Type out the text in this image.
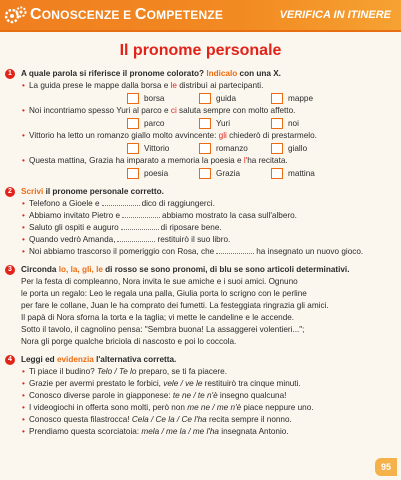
CONOSCENZE E COMPETENZE	VERIFICA IN ITINERE
Il pronome personale
1	A quale parola si riferisce il pronome colorato? Indicalo con una X.
• La guida prese le mappe dalla borsa e le distribuì ai partecipanti.
borsa	guida	mappe
• Noi incontriamo spesso Yuri al parco e ci saluta sempre con molto affetto.
parco	Yuri	noi
• Vittorio ha letto un romanzo giallo molto avvincente: gli chiederò di prestarmelo.
Vittorio	romanzo	giallo
• Questa mattina, Grazia ha imparato a memoria la poesia e l'ha recitata.
poesia	Grazia	mattina
2	Scrivi il pronome personale corretto.
• Telefono a Gioele e	dico di raggiungerci.
• Abbiamo invitato Pietro e	abbiamo mostrato la casa sull'albero.
• Saluto gli ospiti e auguro	di riposare bene.
• Quando vedrò Amanda,	restituirò il suo libro.
• Noi abbiamo trascorso il pomeriggio con Rosa, che	ha insegnato un nuovo gioco.
3	Circonda lo, la, gli, le di rosso se sono pronomi, di blu se sono articoli determinativi.
Per la festa di compleanno, Nora invita le sue amiche e i suoi amici. Ognuno
le porta un regalo: Leo le regala una palla, Giulia porta lo scrigno con le perline
per fare le collane, Juan le ha comprato dei fumetti. La festeggiata ringrazia gli amici.
Il papà di Nora sforna la torta e la taglia; vi mette le candeline e le accende.
Sotto il tavolo, il cagnolino pensa: "Sembra buona! La assaggerei volentieri...";
Nora gli porge qualche briciola di nascosto e poi lo coccola.
4	Leggi ed evidenzia l'alternativa corretta.
• Ti piace il budino? Telo / Te lo preparo, se ti fa piacere.
• Grazie per avermi prestato le forbici, vele / ve le restituirò tra cinque minuti.
• Conosco diverse parole in giapponese: te ne / te n'è insegno qualcuna!
• I videogiochi in offerta sono molti, però non me ne / me n'è piace neppure uno.
• Conosco questa filastrocca! Cela / Ce la / Ce l'ha recita sempre il nonno.
• Prendiamo questa scorciatoia: mela / me la / me l'ha insegnata Antonio.
95
